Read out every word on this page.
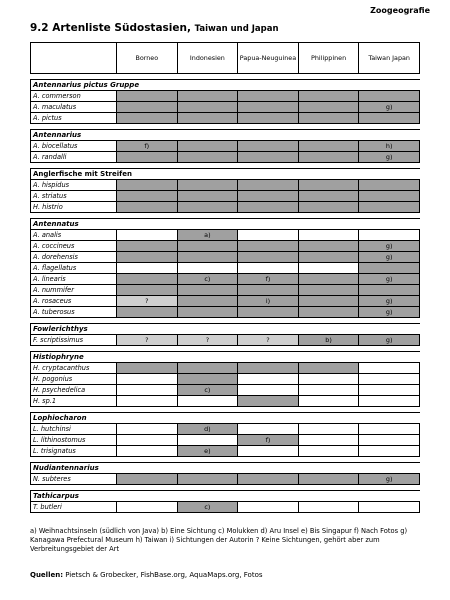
Zoogeografie
9.2 Artenliste Südostasien, Taiwan und Japan
	Borneo	Indonesien	Papua-Neuguinea	Philippinen	Taiwan Japan

Antennarius pictus Gruppe					
A. commerson					
A. maculatus					g)
A. pictus					

Antennarius					
A. biocellatus	f)				h)
A. randalli					g)

Anglerfische mit Streifen					
A. hispidus					
A. striatus					
H. histrio					

Antennatus					
A. analis		a)			
A. coccineus					g)
A. dorehensis					g)
A. flagellatus					
A. linearis		c)	f)		g)
A. nummifer					
A. rosaceus	?		i)		g)
A. tuberosus					g)

Fowlerichthys					
F. scriptissimus	?	?	?	b)	g)

Histiophryne					
H. cryptacanthus					
H. pogonius					
H. psychedelica		c)			
H. sp.1					

Lophiocharon					
L. hutchinsi		d)			
L. lithinostomus			f)		
L. trisignatus		e)			

Nudiantennarius					
N. subteres					g)

Tathicarpus					
T. butleri		c)			
a) Weihnachtsinseln (südlich von Java) b) Eine Sichtung c) Molukken d) Aru Insel e) Bis Singapur f) Nach Fotos g) Kanagawa Prefectural Museum h) Taiwan i) Sichtungen der Autorin ? Keine Sichtungen, gehört aber zum Verbreitungsgebiet der Art
Quellen: Pietsch & Grobecker, FishBase.org, AquaMaps.org, Fotos
